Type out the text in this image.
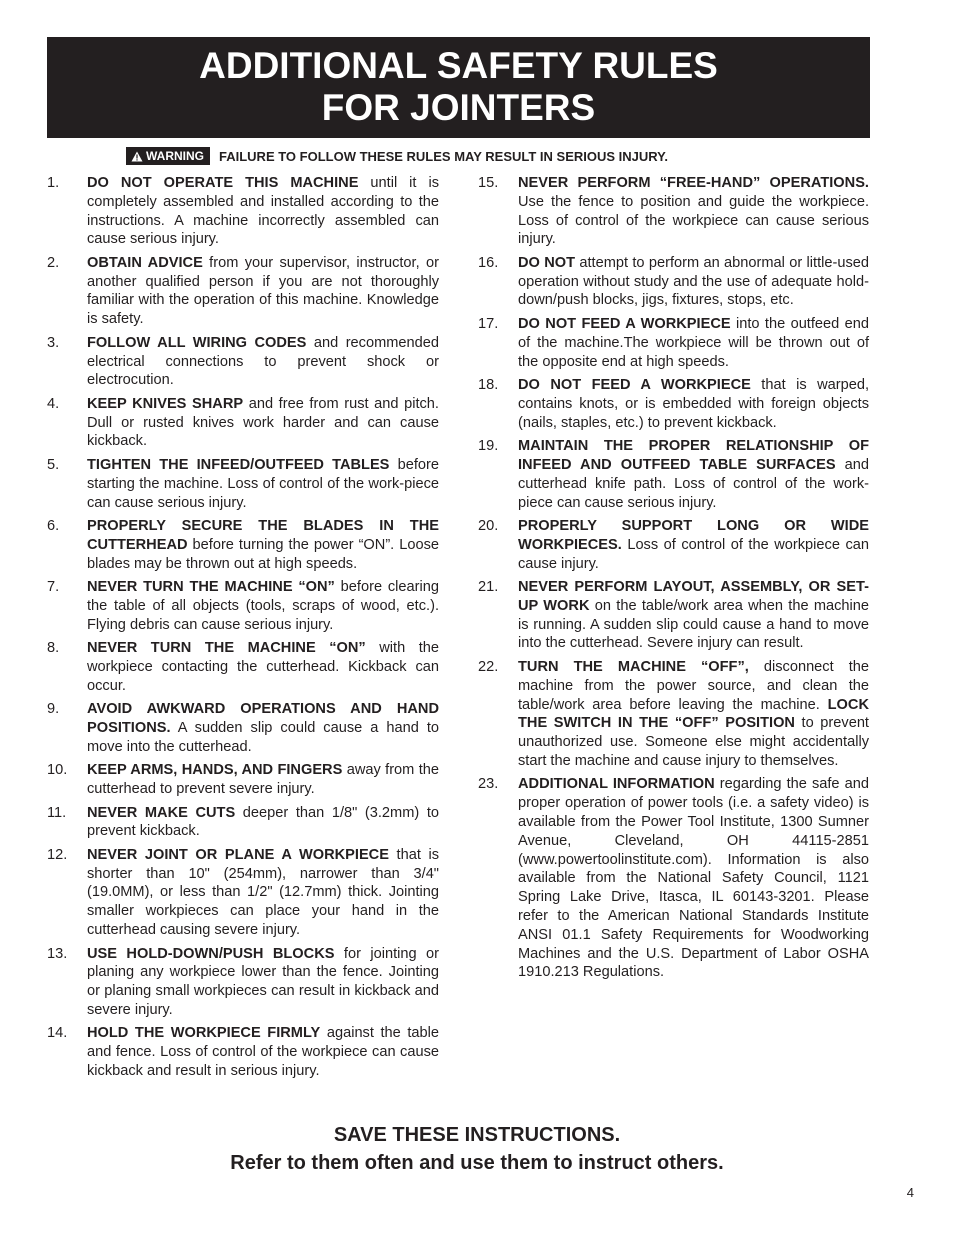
ADDITIONAL SAFETY RULES
FOR JOINTERS
WARNING FAILURE TO FOLLOW THESE RULES MAY RESULT IN SERIOUS INJURY.
1.	DO NOT OPERATE THIS MACHINE until it is completely assembled and installed according to the instructions. A machine incorrectly assembled can cause serious injury.
2.	OBTAIN ADVICE from your supervisor, instructor, or another qualified person if you are not thoroughly familiar with the operation of this machine. Knowledge is safety.
3.	FOLLOW ALL WIRING CODES and recommended electrical connections to prevent shock or electrocution.
4.	KEEP KNIVES SHARP and free from rust and pitch. Dull or rusted knives work harder and can cause kickback.
5.	TIGHTEN THE INFEED/OUTFEED TABLES before starting the machine. Loss of control of the work-piece can cause serious injury.
6.	PROPERLY SECURE THE BLADES IN THE CUTTERHEAD before turning the power “ON”. Loose blades may be thrown out at high speeds.
7.	NEVER TURN THE MACHINE “ON” before clearing the table of all objects (tools, scraps of wood, etc.). Flying debris can cause serious injury.
8.	NEVER TURN THE MACHINE “ON” with the workpiece contacting the cutterhead. Kickback can occur.
9.	AVOID AWKWARD OPERATIONS AND HAND POSITIONS. A sudden slip could cause a hand to move into the cutterhead.
10.	KEEP ARMS, HANDS, AND FINGERS away from the cutterhead to prevent severe injury.
11.	NEVER MAKE CUTS deeper than 1/8" (3.2mm) to prevent kickback.
12.	NEVER JOINT OR PLANE A WORKPIECE that is shorter than 10" (254mm), narrower than 3/4" (19.0MM), or less than 1/2" (12.7mm) thick. Jointing smaller workpieces can place your hand in the cutterhead causing severe injury.
13.	USE HOLD-DOWN/PUSH BLOCKS for jointing or planing any workpiece lower than the fence. Jointing or planing small workpieces can result in kickback and severe injury.
14.	HOLD THE WORKPIECE FIRMLY against the table and fence. Loss of control of the workpiece can cause kickback and result in serious injury.
15.	NEVER PERFORM “FREE-HAND” OPERATIONS. Use the fence to position and guide the workpiece. Loss of control of the workpiece can cause serious injury.
16.	DO NOT attempt to perform an abnormal or little-used operation without study and the use of adequate hold-down/push blocks, jigs, fixtures, stops, etc.
17.	DO NOT FEED A WORKPIECE into the outfeed end of the machine.The workpiece will be thrown out of the opposite end at high speeds.
18.	DO NOT FEED A WORKPIECE that is warped, contains knots, or is embedded with foreign objects (nails, staples, etc.) to prevent kickback.
19.	MAINTAIN THE PROPER RELATIONSHIP OF INFEED AND OUTFEED TABLE SURFACES and cutterhead knife path. Loss of control of the work-piece can cause serious injury.
20.	PROPERLY SUPPORT LONG OR WIDE WORKPIECES. Loss of control of the workpiece can cause injury.
21.	NEVER PERFORM LAYOUT, ASSEMBLY, OR SET-UP WORK on the table/work area when the machine is running. A sudden slip could cause a hand to move into the cutterhead. Severe injury can result.
22.	TURN THE MACHINE “OFF”, disconnect the machine from the power source, and clean the table/work area before leaving the machine. LOCK THE SWITCH IN THE “OFF” POSITION to prevent unauthorized use. Someone else might accidentally start the machine and cause injury to themselves.
23.	ADDITIONAL INFORMATION regarding the safe and proper operation of power tools (i.e. a safety video) is available from the Power Tool Institute, 1300 Sumner Avenue, Cleveland, OH 44115-2851 (www.powertoolinstitute.com). Information is also available from the National Safety Council, 1121 Spring Lake Drive, Itasca, IL 60143-3201. Please refer to the American National Standards Institute ANSI 01.1 Safety Requirements for Woodworking Machines and the U.S. Department of Labor OSHA 1910.213 Regulations.
SAVE THESE INSTRUCTIONS.
Refer to them often and use them to instruct others.
4
